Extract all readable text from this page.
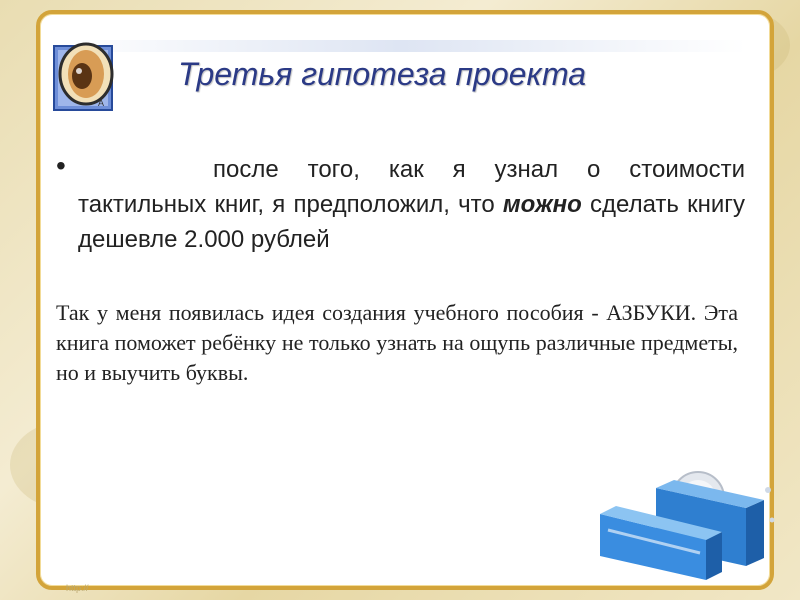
A
Третья гипотеза проекта
•	после того, как я узнал о стоимости тактильных книг, я предположил, что можно сделать книгу дешевле 2.000 рублей
Так у меня появилась идея создания учебного пособия - АЗБУКИ. Эта книга поможет ребёнку не только узнать на ощупь различные предметы, но и выучить буквы.
http://
